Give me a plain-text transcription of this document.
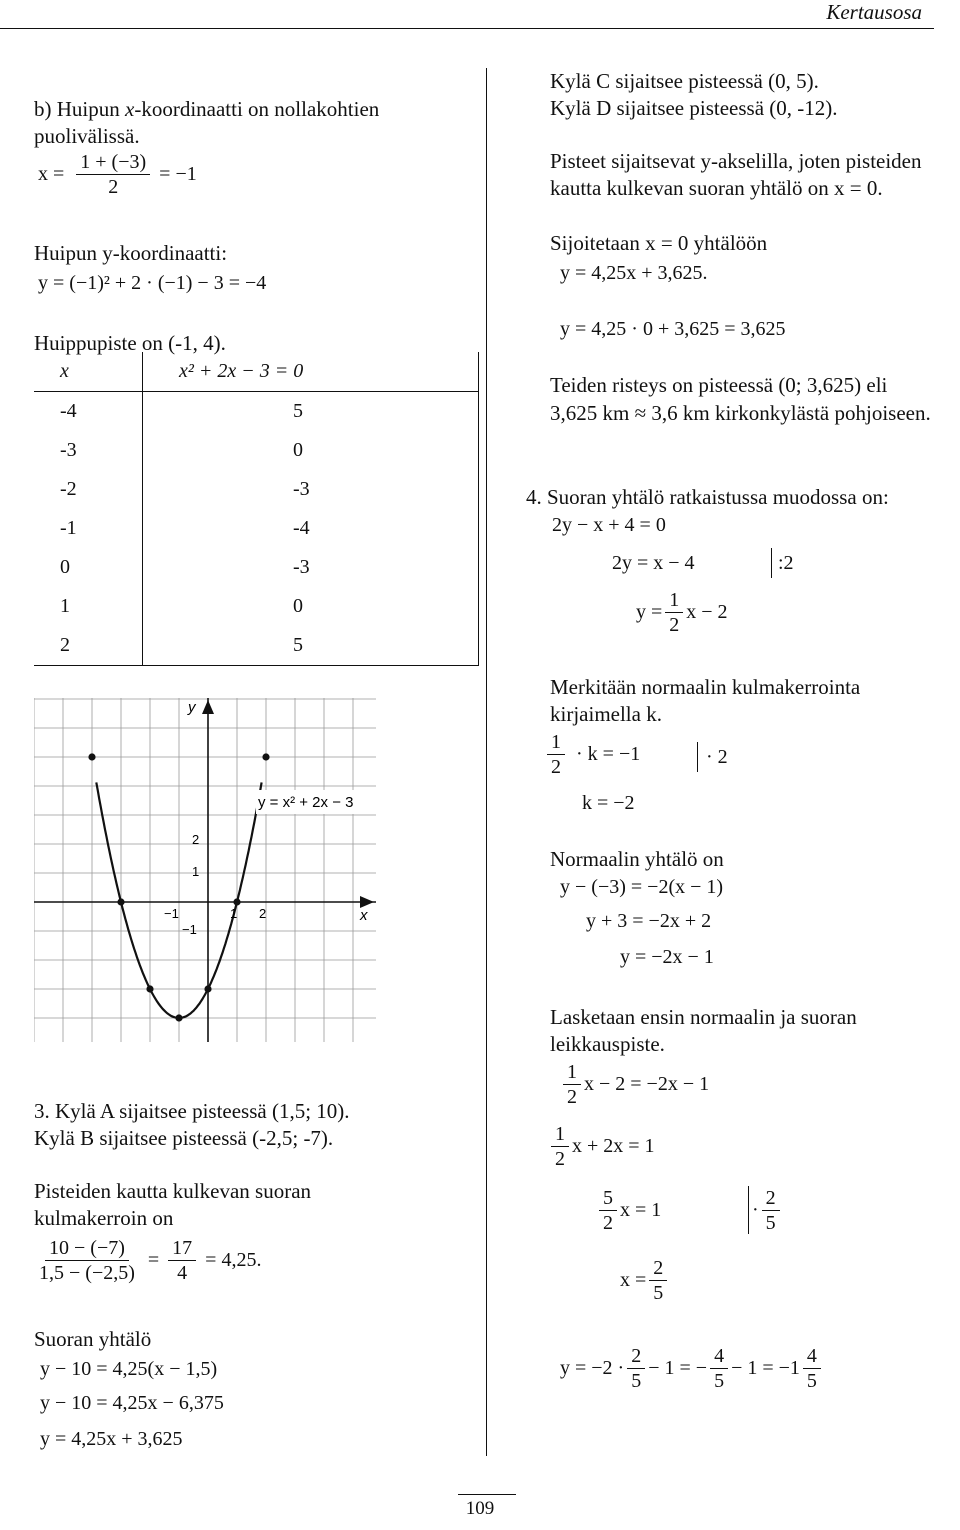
Kertausosa
b) Huipun x-koordinaatti on nollakohtien
puolivälissä.
$x = \frac{1 + (-3)}{2} = -1$
Huipun y-koordinaatti:
y = (−1)² + 2 · (−1) − 3 = −4
Huippupiste on (-1, 4).
x	x² + 2x − 3 = 0
-4	5
-3	0
-2	-3
-1	-4
0	-3
1	0
2	5
y
x
y = x² + 2x − 3
−1	1 2
2
1
−1
3. Kylä A sijaitsee pisteessä (1,5; 10).
Kylä B sijaitsee pisteessä (-2,5; -7).
Pisteiden kautta kulkevan suoran
kulmakerroin on
$\frac{10 - (-7)}{1,5 - (-2,5)} = \frac{17}{4} = 4,25$.
Suoran yhtälö
y − 10 = 4,25(x − 1,5)
y − 10 = 4,25x − 6,375
y = 4,25x + 3,625
Kylä C sijaitsee pisteessä (0, 5).
Kylä D sijaitsee pisteessä (0, -12).
Pisteet sijaitsevat y-akselilla, joten pisteiden
kautta kulkevan suoran yhtälö on x = 0.
Sijoitetaan x = 0 yhtälöön
y = 4,25x + 3,625.
y = 4,25 · 0 + 3,625 = 3,625
Teiden risteys on pisteessä (0; 3,625) eli
3,625 km ≈ 3,6 km kirkonkylästä pohjoiseen.
4. Suoran yhtälö ratkaistussa muodossa on:
2y − x + 4 = 0
2y = x − 4	:2
$y = \frac{1}{2}$ x − 2
Merkitään normaalin kulmakerrointa
kirjaimella k.
$\frac{1}{2} \cdot k = -1$	· 2
k = −2
Normaalin yhtälö on
y − (−3) = −2(x − 1)
y + 3 = −2x + 2
y = −2x − 1
Lasketaan ensin normaalin ja suoran
leikkauspiste.
$\frac{1}{2}$ x − 2 = −2x − 1
$\frac{1}{2}$ x + 2x = 1
$\frac{5}{2}$ x = 1	· $\frac{2}{5}$
$x = \frac{2}{5}$
$y = -2 \cdot \frac{2}{5} - 1$ = − $\frac{4}{5} - 1 = -1 \frac{4}{5}$
109
